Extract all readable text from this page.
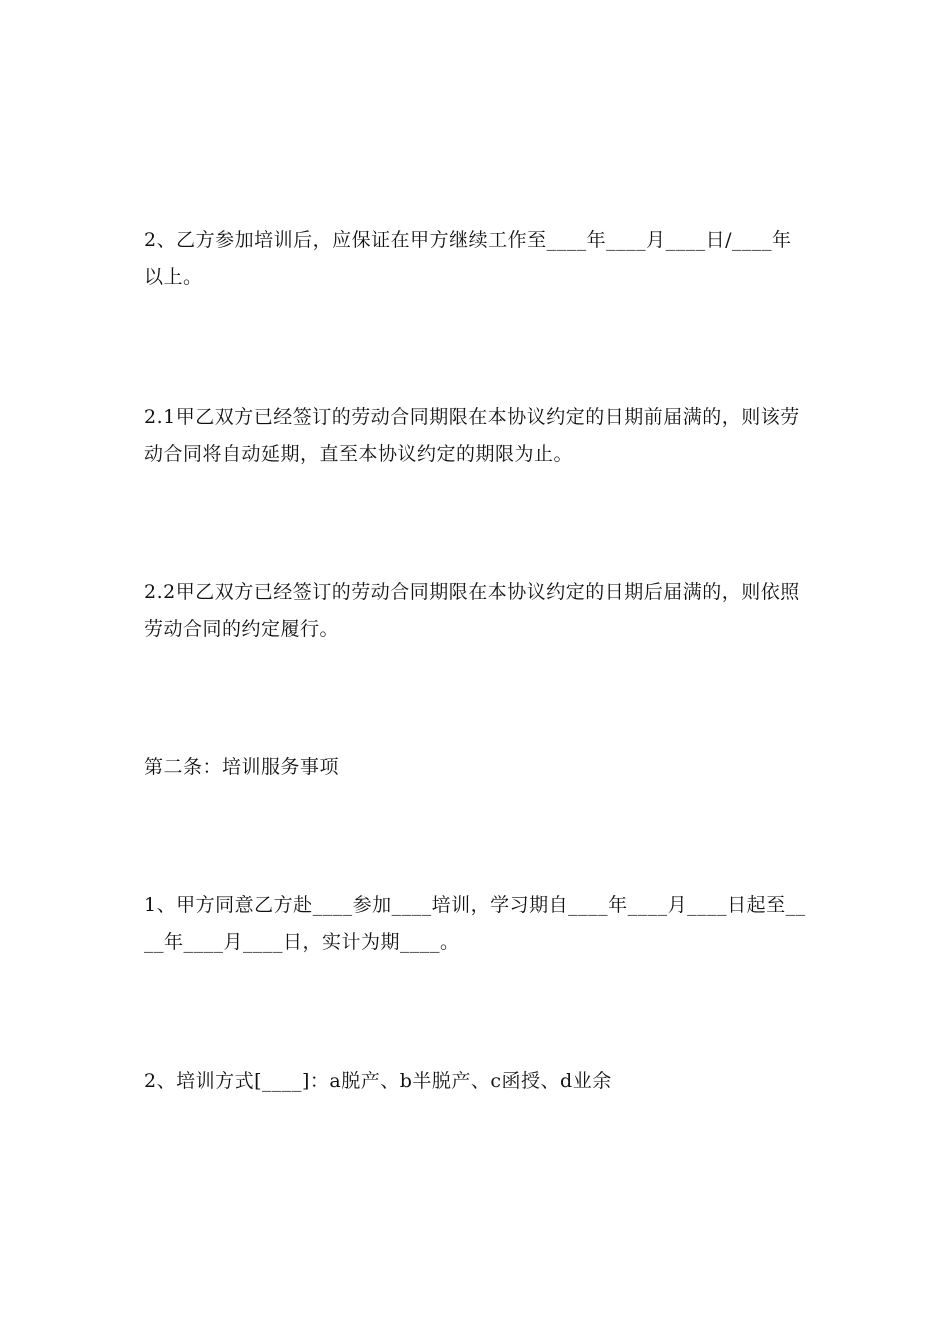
2、乙方参加培训后，应保证在甲方继续工作至____年____月____日/____年以上。
2.1甲乙双方已经签订的劳动合同期限在本协议约定的日期前届满的，则该劳动合同将自动延期，直至本协议约定的期限为止。
2.2甲乙双方已经签订的劳动合同期限在本协议约定的日期后届满的，则依照劳动合同的约定履行。
第二条：培训服务事项
1、甲方同意乙方赴____参加____培训，学习期自____年____月____日起至____年____月____日，实计为期____。
2、培训方式[____]：a脱产、b半脱产、c函授、d业余
